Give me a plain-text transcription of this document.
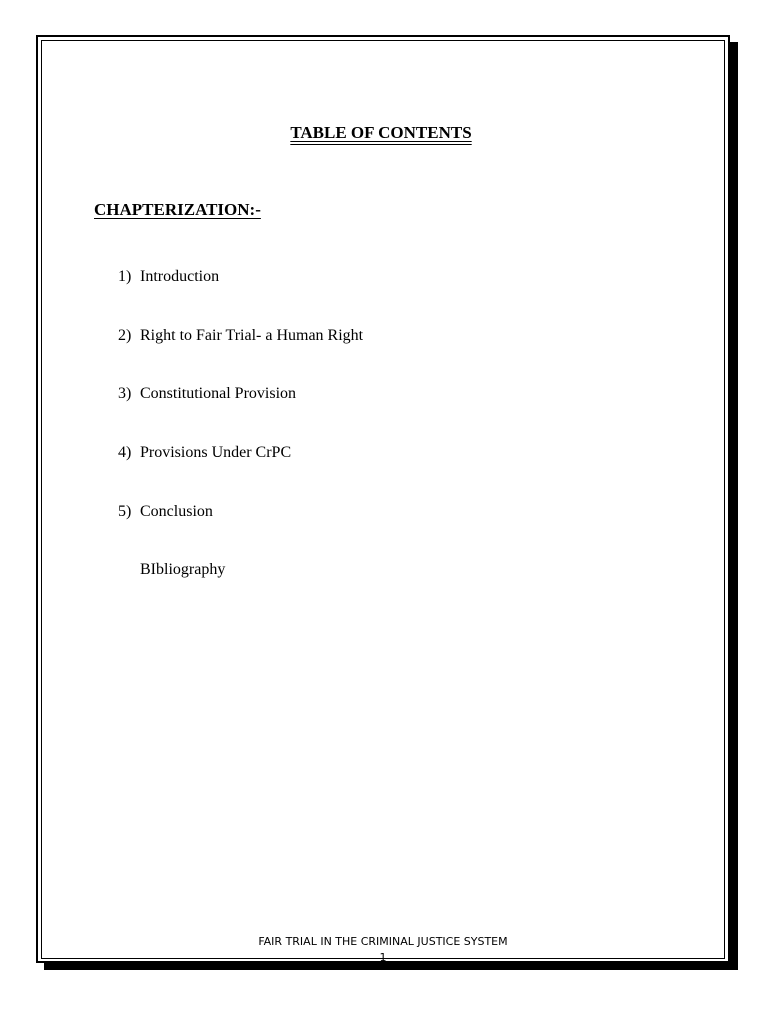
TABLE OF CONTENTS
CHAPTERIZATION:-
1) Introduction
2) Right to Fair Trial- a Human Right
3) Constitutional Provision
4) Provisions Under CrPC
5) Conclusion
BIbliography
FAIR TRIAL IN THE CRIMINAL JUSTICE SYSTEM
1
